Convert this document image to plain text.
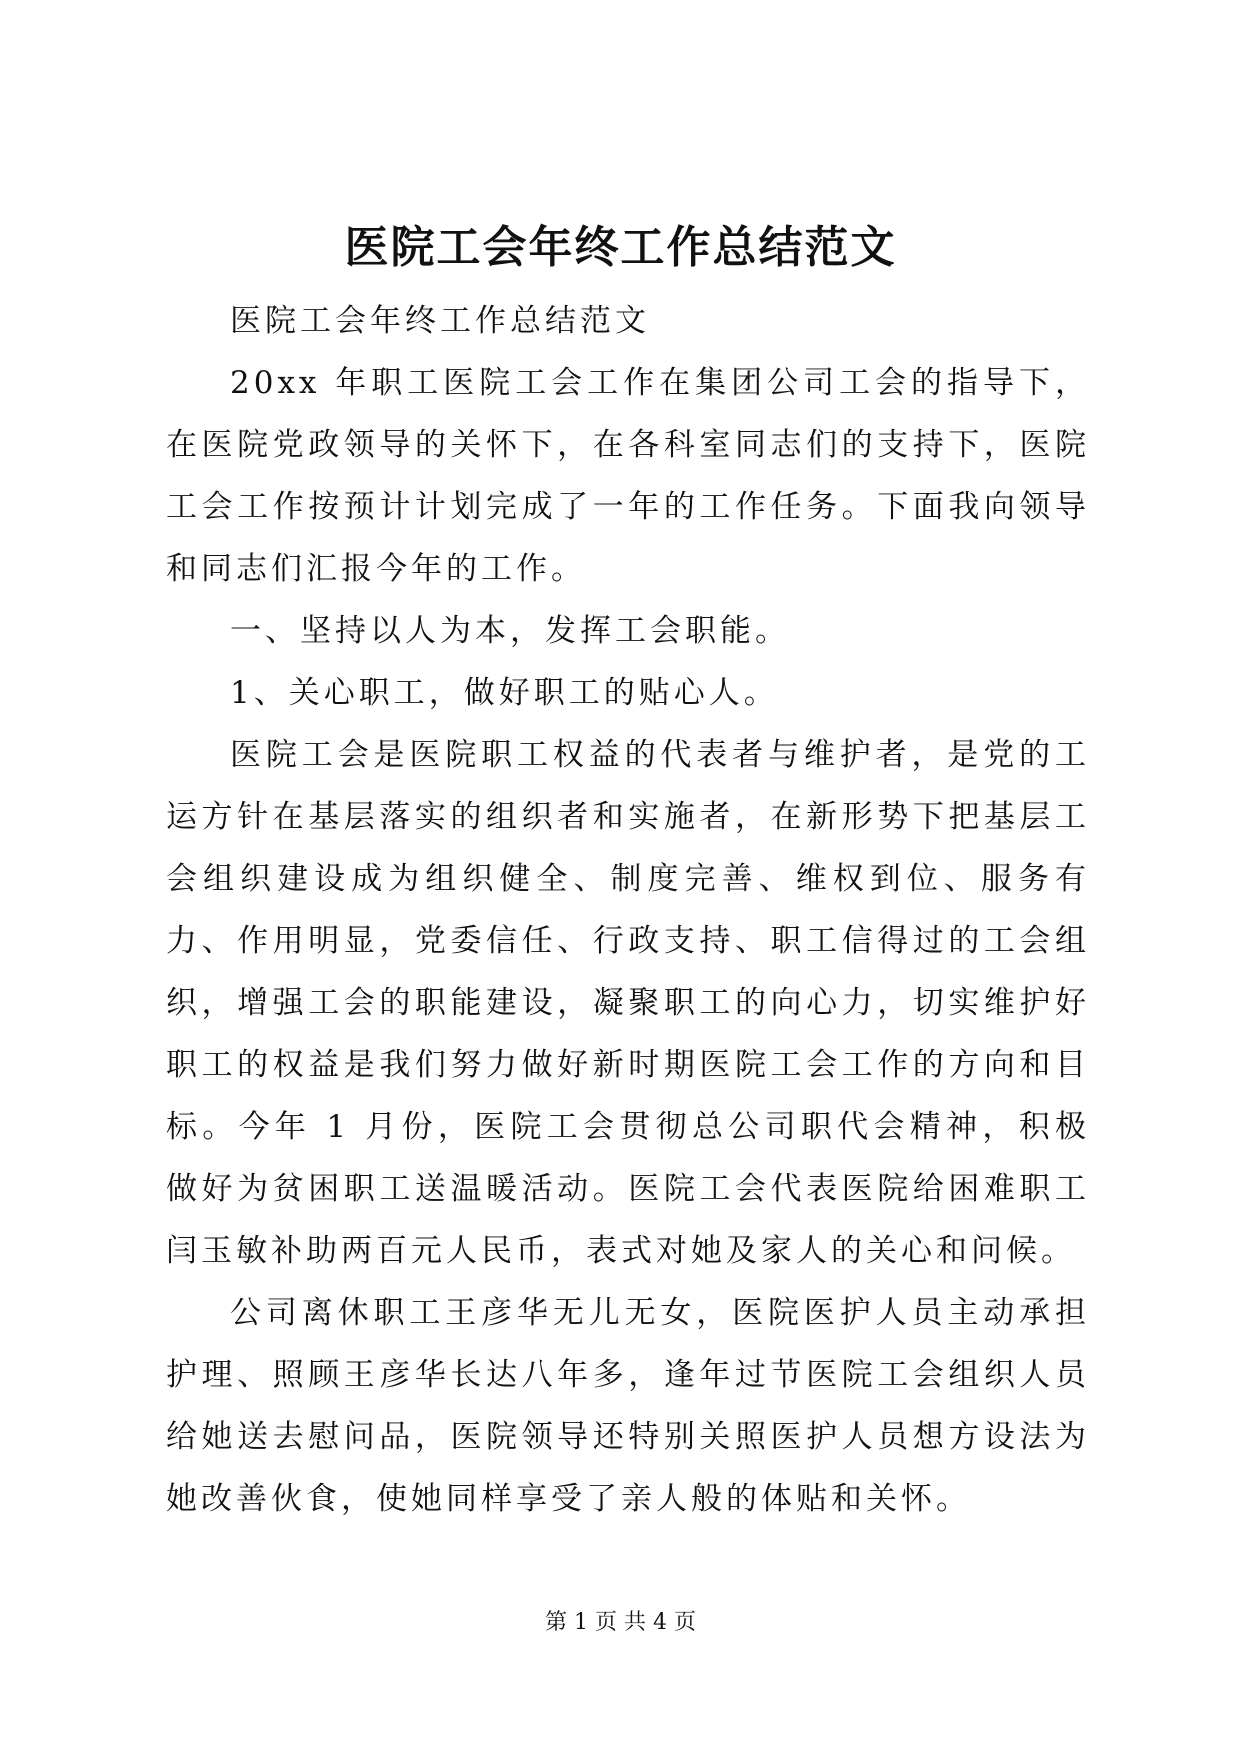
医院工会年终工作总结范文

医院工会年终工作总结范文

20xx 年职工医院工会工作在集团公司工会的指导下，在医院党政领导的关怀下，在各科室同志们的支持下，医院工会工作按预计计划完成了一年的工作任务。下面我向领导和同志们汇报今年的工作。

一、坚持以人为本，发挥工会职能。

1、关心职工，做好职工的贴心人。

医院工会是医院职工权益的代表者与维护者，是党的工运方针在基层落实的组织者和实施者，在新形势下把基层工会组织建设成为组织健全、制度完善、维权到位、服务有力、作用明显，党委信任、行政支持、职工信得过的工会组织，增强工会的职能建设，凝聚职工的向心力，切实维护好职工的权益是我们努力做好新时期医院工会工作的方向和目标。今年 1 月份，医院工会贯彻总公司职代会精神，积极做好为贫困职工送温暖活动。医院工会代表医院给困难职工闫玉敏补助两百元人民币，表式对她及家人的关心和问候。

公司离休职工王彦华无儿无女，医院医护人员主动承担护理、照顾王彦华长达八年多，逢年过节医院工会组织人员给她送去慰问品，医院领导还特别关照医护人员想方设法为她改善伙食，使她同样享受了亲人般的体贴和关怀。

第 1 页 共 4 页
